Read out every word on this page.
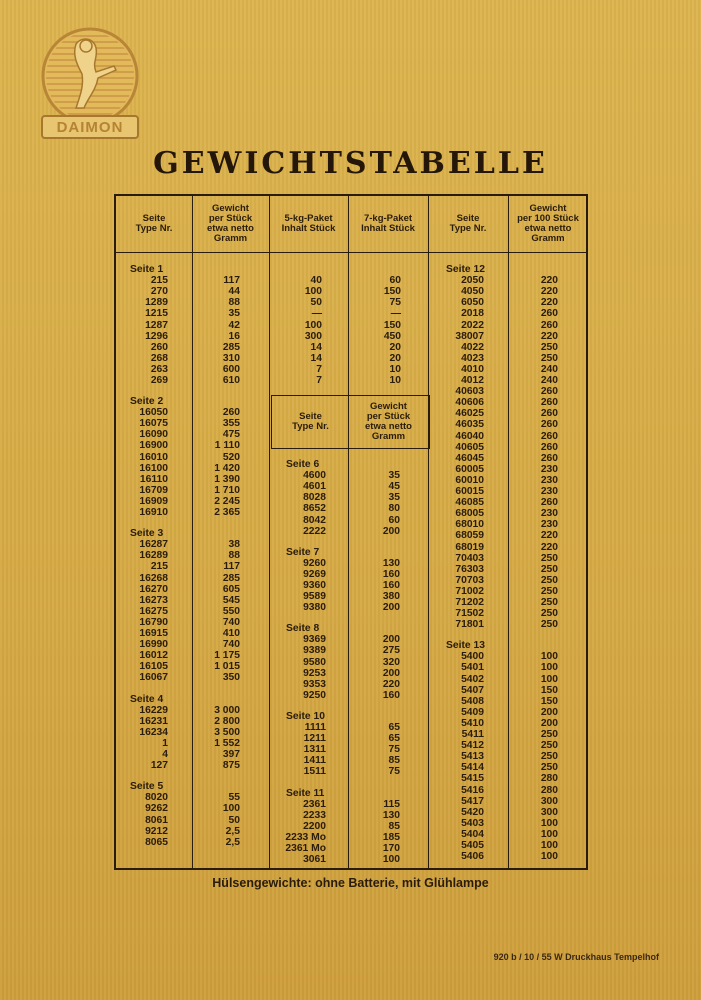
DAIMON
GEWICHTSTABELLE
Seite
Type Nr.
Gewicht
per Stück
etwa netto
Gramm
5-kg-Paket
Inhalt Stück
7-kg-Paket
Inhalt Stück
Seite
Type Nr.
Gewicht
per 100 Stück
etwa netto
Gramm
Seite
Type Nr.
Gewicht
per Stück
etwa netto
Gramm
Seite 1
215	117	40	60
270	44	100	150
1289	88	50	75
1215	35	—	—
1287	42	100	150
1296	16	300	450
260	285	14	20
268	310	14	20
263	600	7	10
269	610	7	10
Seite 2
16050	260
16075	355
16090	475
16900	1 110
16010	520
16100	1 420
16110	1 390
16709	1 710
16909	2 245
16910	2 365
Seite 3
16287	38
16289	88
215	117
16268	285
16270	605
16273	545
16275	550
16790	740
16915	410
16990	740
16012	1 175
16105	1 015
16067	350
Seite 4
16229	3 000
16231	2 800
16234	3 500
1	1 552
4	397
127	875
Seite 5
8020	55
9262	100
8061	50
9212	2,5
8065	2,5
Seite 6
4600	35
4601	45
8028	35
8652	80
8042	60
2222	200
Seite 7
9260	130
9269	160
9360	160
9589	380
9380	200
Seite 8
9369	200
9389	275
9580	320
9253	200
9353	220
9250	160
Seite 10
1111	65
1211	65
1311	75
1411	85
1511	75
Seite 11
2361	115
2233	130
2200	85
2233 Mo	185
2361 Mo	170
3061	100
Seite 12
2050	220
4050	220
6050	220
2018	260
2022	260
38007	220
4022	250
4023	250
4010	240
4012	240
40603	260
40606	260
46025	260
46035	260
46040	260
40605	260
46045	260
60005	230
60010	230
60015	230
46085	260
68005	230
68010	230
68059	220
68019	220
70403	250
76303	250
70703	250
71002	250
71202	250
71502	250
71801	250
Seite 13
5400	100
5401	100
5402	100
5407	150
5408	150
5409	200
5410	200
5411	250
5412	250
5413	250
5414	250
5415	280
5416	280
5417	300
5420	300
5403	100
5404	100
5405	100
5406	100
Hülsengewichte: ohne Batterie, mit Glühlampe
920 b / 10 / 55 W Druckhaus Tempelhof
